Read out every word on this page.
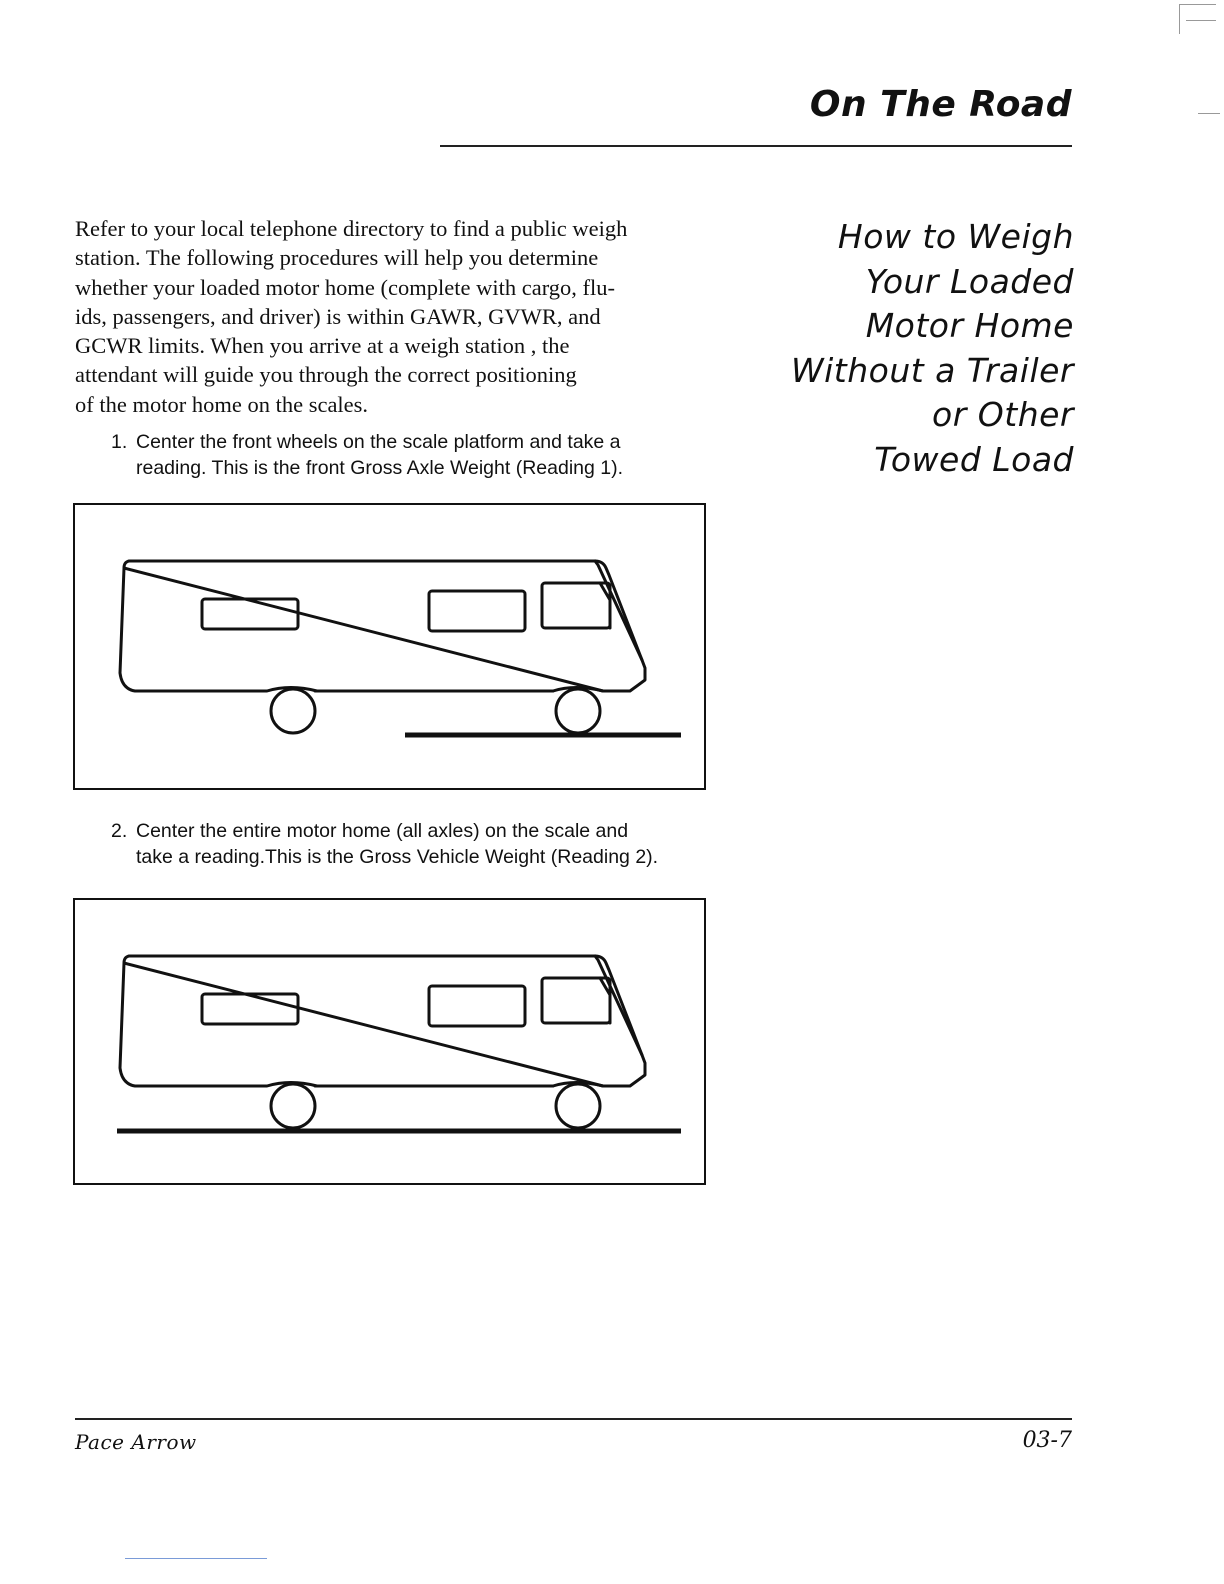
On The Road
How to Weigh
Your Loaded
Motor Home
Without a Trailer
or Other
Towed Load
Refer to your local telephone directory to find a public weigh
station. The following procedures will help you determine
whether your loaded motor home (complete with cargo, flu-
ids, passengers, and driver) is within GAWR, GVWR, and
GCWR limits. When you arrive at a weigh station , the
attendant will guide you through the correct positioning
of the motor home on the scales.
1. Center the front wheels on the scale platform and take a
reading. This is the front Gross Axle Weight (Reading 1).
2. Center the entire motor home (all axles) on the scale and
take a reading.This is the Gross Vehicle Weight (Reading 2).
Pace Arrow	03-7
